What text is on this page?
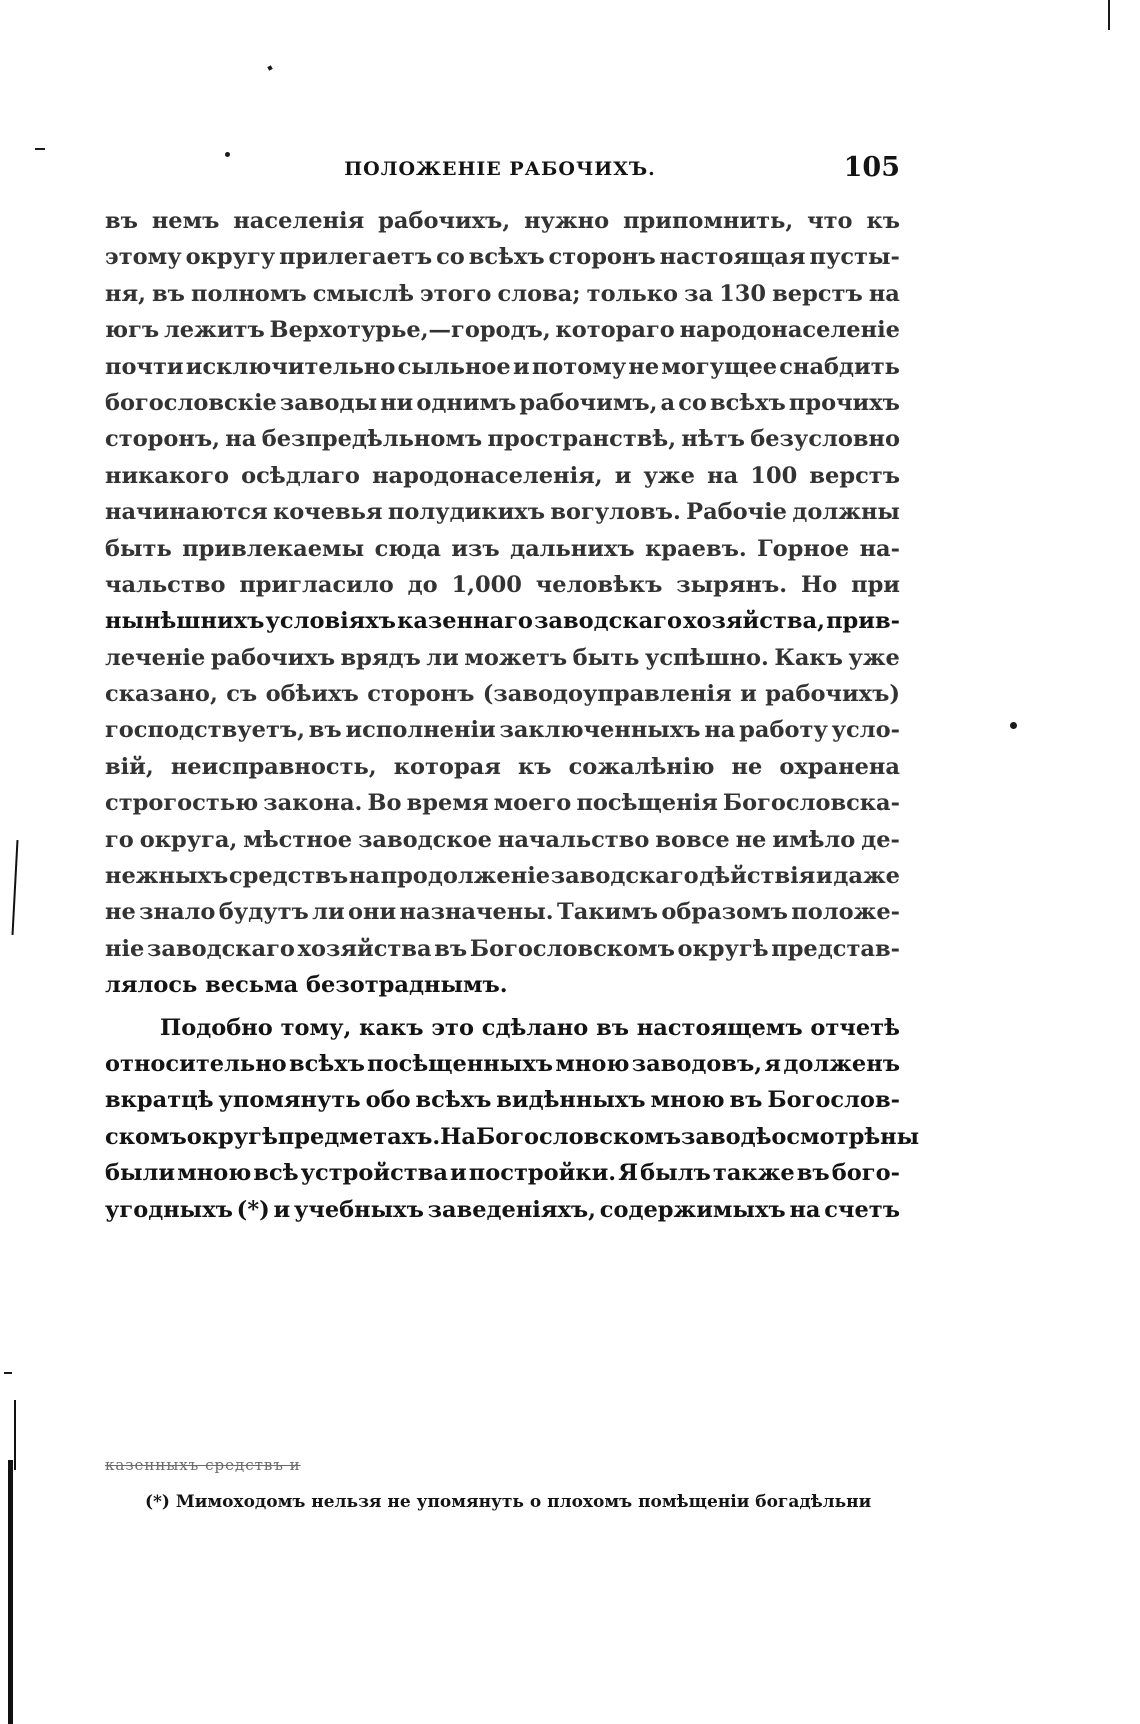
ПОЛОЖЕНІЕ РАБОЧИХЪ.	105
въ немъ населенія рабочихъ, нужно припомнить, что къ
этому округу прилегаетъ со всѣхъ сторонъ настоящая пусты-
ня, въ полномъ смыслѣ этого слова; только за 130 верстъ на
югъ лежитъ Верхотурье,—городъ, котораго народонаселеніе
почти исключительно сыльное и потому не могущее снабдить
богословскіе заводы ни однимъ рабочимъ, а со всѣхъ прочихъ
сторонъ, на безпредѣльномъ пространствѣ, нѣтъ безусловно
никакого осѣдлаго народонаселенія, и уже на 100 верстъ
начинаются кочевья полудикихъ вогуловъ. Рабочіе должны
быть привлекаемы сюда изъ дальнихъ краевъ. Горное на-
чальство пригласило до 1,000 человѣкъ зырянъ. Но при
нынѣшнихъ условіяхъ казеннаго заводскаго хозяйства, прив-
леченіе рабочихъ врядъ ли можетъ быть успѣшно. Какъ уже
сказано, съ обѣихъ сторонъ (заводоуправленія и рабочихъ)
господствуетъ, въ исполненіи заключенныхъ на работу усло-
вій, неисправность, которая къ сожалѣнію не охранена
строгостью закона. Во время моего посѣщенія Богословска-
го округа, мѣстное заводское начальство вовсе не имѣло де-
нежныхъ средствъ на продолженіе заводскаго дѣйствія и даже
не знало будутъ ли они назначены. Такимъ образомъ положе-
ніе заводскаго хозяйства въ Богословскомъ округѣ представ-
лялось весьма безотраднымъ.
Подобно тому, какъ это сдѣлано въ настоящемъ отчетѣ
относительно всѣхъ посѣщенныхъ мною заводовъ, я долженъ
вкратцѣ упомянуть обо всѣхъ видѣнныхъ мною въ Богослов-
скомъ округѣ предметахъ. На Богословскомъ заводѣ осмотрѣны
были мною всѣ устройства и постройки. Я былъ также въ бого-
угодныхъ (*) и учебныхъ заведеніяхъ, содержимыхъ на счетъ
казенныхъ средствъ и
(*) Мимоходомъ нельзя не упомянуть о плохомъ помѣщеніи богадѣльни
